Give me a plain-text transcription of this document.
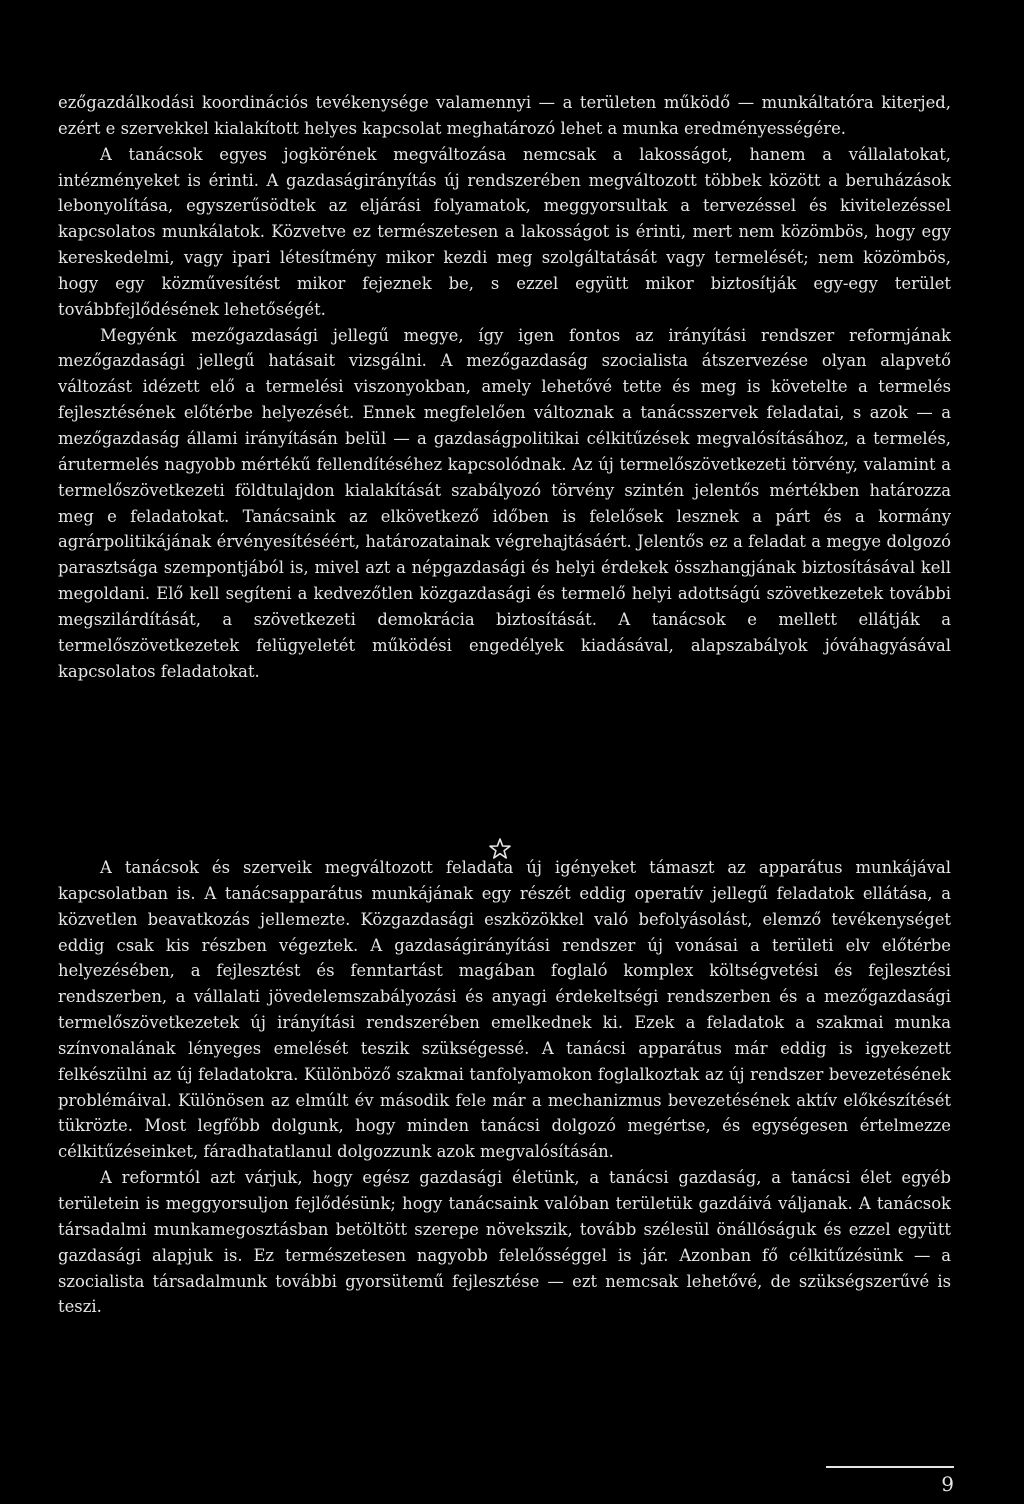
ezőgazdálkodási koordinációs tevékenysége valamennyi — a területen működő — munkáltatóra kiterjed, ezért e szervekkel kialakított helyes kapcsolat meghatározó lehet a munka eredményességére.

A tanácsok egyes jogkörének megváltozása nemcsak a lakosságot, hanem a vállalatokat, intézményeket is érinti. A gazdaságirányítás új rendszerében megváltozott többek között a beruházások lebonyolítása, egyszerűsödtek az eljárási folyamatok, meggyorsultak a tervezéssel és kivitelezéssel kapcsolatos munkálatok. Közvetve ez természetesen a lakosságot is érinti, mert nem közömbös, hogy egy kereskedelmi, vagy ipari létesítmény mikor kezdi meg szolgáltatását vagy termelését; nem közömbös, hogy egy közművesítést mikor fejeznek be, s ezzel együtt mikor biztosítják egy-egy terület továbbfejlődésének lehetőségét.

Megyénk mezőgazdasági jellegű megye, így igen fontos az irányítási rendszer reformjának mezőgazdasági jellegű hatásait vizsgálni. A mezőgazdaság szocialista átszervezése olyan alapvető változást idézett elő a termelési viszonyokban, amely lehetővé tette és meg is követelte a termelés fejlesztésének előtérbe helyezését. Ennek megfelelően változnak a tanácsszervek feladatai, s azok — a mezőgazdaság állami irányításán belül — a gazdaságpolitikai célkitűzések megvalósításához, a termelés, árutermelés nagyobb mértékű fellendítéséhez kapcsolódnak. Az új termelőszövetkezeti törvény, valamint a termelőszövetkezeti földtulajdon kialakítását szabályozó törvény szintén jelentős mértékben határozza meg e feladatokat. Tanácsaink az elkövetkező időben is felelősek lesznek a párt és a kormány agrárpolitikájának érvényesítéséért, határozatainak végrehajtásáért. Jelentős ez a feladat a megye dolgozó parasztsága szempontjából is, mivel azt a népgazdasági és helyi érdekek összhangjának biztosításával kell megoldani. Elő kell segíteni a kedvezőtlen közgazdasági és termelő helyi adottságú szövetkezetek további megszilárdítását, a szövetkezeti demokrácia biztosítását. A tanácsok e mellett ellátják a termelőszövetkezetek felügyeletét működési engedélyek kiadásával, alapszabályok jóváhagyásával kapcsolatos feladatokat.

A tanácsok és szerveik megváltozott feladata új igényeket támaszt az apparátus munkájával kapcsolatban is. A tanácsapparátus munkájának egy részét eddig operatív jellegű feladatok ellátása, a közvetlen beavatkozás jellemezte. Közgazdasági eszközökkel való befolyásolást, elemző tevékenységet eddig csak kis részben végeztek. A gazdaságirányítási rendszer új vonásai a területi elv előtérbe helyezésében, a fejlesztést és fenntartást magában foglaló komplex költségvetési és fejlesztési rendszerben, a vállalati jövedelemszabályozási és anyagi érdekeltségi rendszerben és a mezőgazdasági termelőszövetkezetek új irányítási rendszerében emelkednek ki. Ezek a feladatok a szakmai munka színvonalának lényeges emelését teszik szükségessé. A tanácsi apparátus már eddig is igyekezett felkészülni az új feladatokra. Különböző szakmai tanfolyamokon foglalkoztak az új rendszer bevezetésének problémáival. Különösen az elmúlt év második fele már a mechanizmus bevezetésének aktív előkészítését tükrözte. Most legfőbb dolgunk, hogy minden tanácsi dolgozó megértse, és egységesen értelmezze célkitűzéseinket, fáradhatatlanul dolgozzunk azok megvalósításán.

A reformtól azt várjuk, hogy egész gazdasági életünk, a tanácsi gazdaság, a tanácsi élet egyéb területein is meggyorsuljon fejlődésünk; hogy tanácsaink valóban területük gazdáivá váljanak. A tanácsok társadalmi munkamegosztásban betöltött szerepe növekszik, tovább szélesül önállóságuk és ezzel együtt gazdasági alapjuk is. Ez természetesen nagyobb felelősséggel is jár. Azonban fő célkitűzésünk — a szocialista társadalmunk további gyorsütemű fejlesztése — ezt nemcsak lehetővé, de szükségszerűvé is teszi.

9
